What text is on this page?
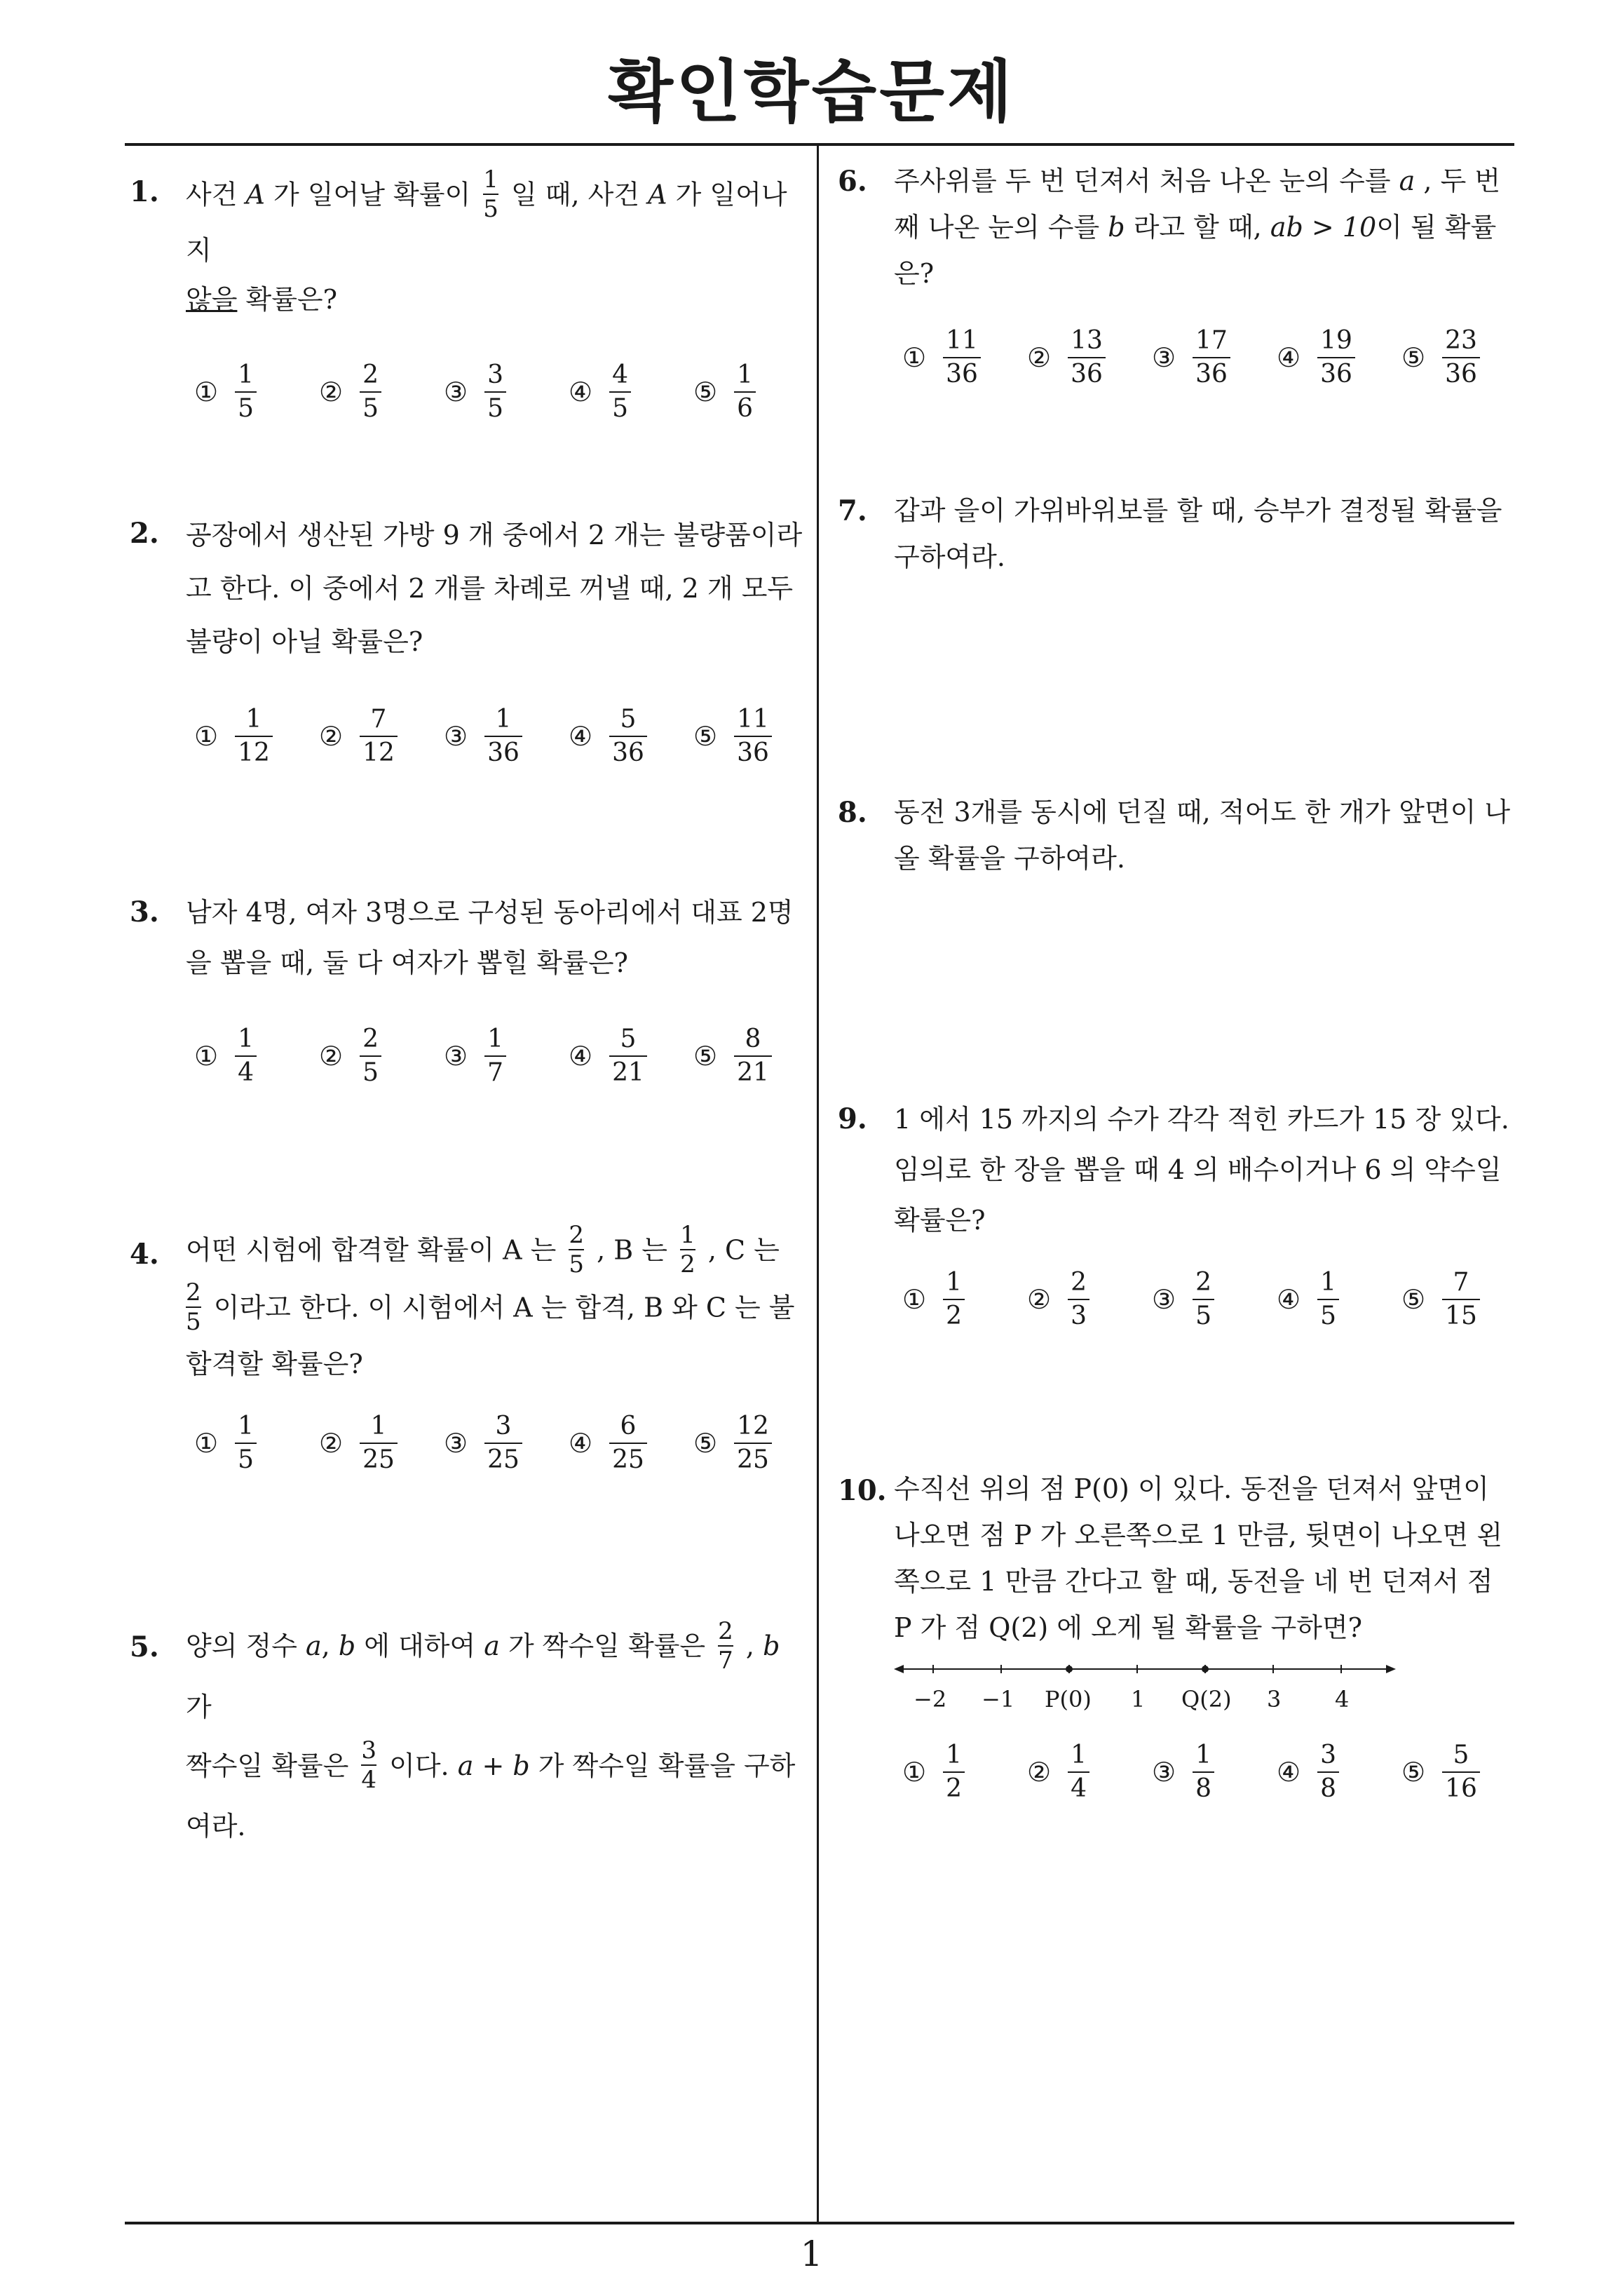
확인학습문제
1
1. 사건 A 가 일어날 확률이 $\frac{1}{5}$ 일 때, 사건 A 가 일어나지
않을 확률은?
① $\frac{1}{5}$ ② $\frac{2}{5}$ ③ $\frac{3}{5}$ ④ $\frac{4}{5}$ ⑤ $\frac{1}{6}$
2. 공장에서 생산된 가방 9 개 중에서 2 개는 불량품이라고 한다. 이 중에서 2 개를 차례로 꺼낼 때, 2 개 모두 불량이 아닐 확률은?
① $\frac{1}{12}$ ② $\frac{7}{12}$ ③ $\frac{1}{36}$ ④ $\frac{5}{36}$ ⑤ $\frac{11}{36}$
3. 남자 4명, 여자 3명으로 구성된 동아리에서 대표 2명을 뽑을 때, 둘 다 여자가 뽑힐 확률은?
① $\frac{1}{4}$ ② $\frac{2}{5}$ ③ $\frac{1}{7}$ ④ $\frac{5}{21}$ ⑤ $\frac{8}{21}$
4. 어떤 시험에 합격할 확률이 A 는 $\frac{2}{5}$ , B 는 $\frac{1}{2}$ , C 는

$\frac{2}{5}$ 이라고 한다. 이 시험에서 A 는 합격, B 와 C 는 불합격할 확률은?
① $\frac{1}{5}$ ② $\frac{1}{25}$ ③ $\frac{3}{25}$ ④ $\frac{6}{25}$ ⑤ $\frac{12}{25}$
5. 양의 정수 a, b 에 대하여 a 가 짝수일 확률은 $\frac{2}{7}$ , b 가
짝수일 확률은 $\frac{3}{4}$ 이다. a + b 가 짝수일 확률을 구하여라.
6. 주사위를 두 번 던져서 처음 나온 눈의 수를 a , 두 번째 나온 눈의 수를 b 라고 할 때, ab > 10이 될 확률은?
① $\frac{11}{36}$ ② $\frac{13}{36}$ ③ $\frac{17}{36}$ ④ $\frac{19}{36}$ ⑤ $\frac{23}{36}$
7. 갑과 을이 가위바위보를 할 때, 승부가 결정될 확률을 구하여라.
8. 동전 3개를 동시에 던질 때, 적어도 한 개가 앞면이 나올 확률을 구하여라.
9. 1 에서 15 까지의 수가 각각 적힌 카드가 15 장 있다. 임의로 한 장을 뽑을 때 4 의 배수이거나 6 의 약수일 확률은?
① $\frac{1}{2}$ ② $\frac{2}{3}$ ③ $\frac{2}{5}$ ④ $\frac{1}{5}$ ⑤ $\frac{7}{15}$
10. 수직선 위의 점 P(0) 이 있다. 동전을 던져서 앞면이 나오면 점 P 가 오른쪽으로 1 만큼, 뒷면이 나오면 왼쪽으로 1 만큼 간다고 할 때, 동전을 네 번 던져서 점 P 가 점 Q(2) 에 오게 될 확률을 구하면?
−2 −1 P(0) 1 Q(2) 3 4
① $\frac{1}{2}$ ② $\frac{1}{4}$ ③ $\frac{1}{8}$ ④ $\frac{3}{8}$ ⑤ $\frac{5}{16}$
